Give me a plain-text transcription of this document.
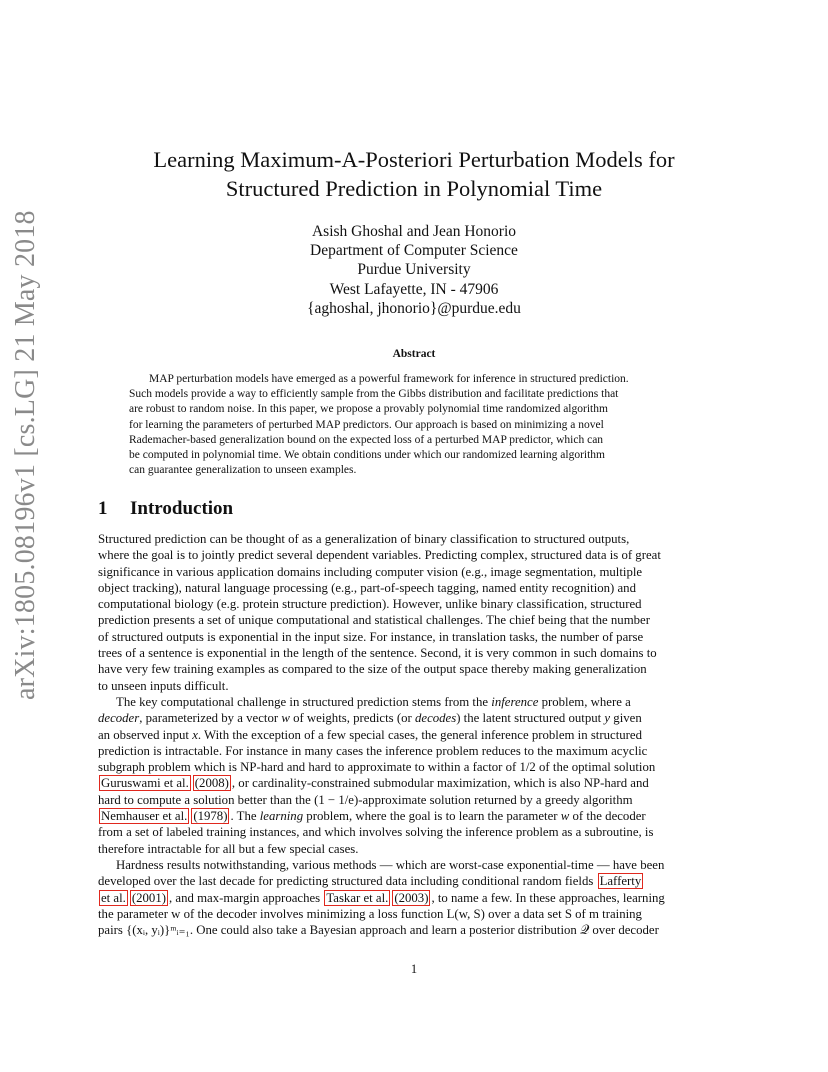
arXiv:1805.08196v1 [cs.LG] 21 May 2018
Learning Maximum-A-Posteriori Perturbation Models for
Structured Prediction in Polynomial Time
Asish Ghoshal and Jean Honorio
Department of Computer Science
Purdue University
West Lafayette, IN - 47906
{aghoshal, jhonorio}@purdue.edu
Abstract
MAP perturbation models have emerged as a powerful framework for inference in structured prediction.
Such models provide a way to efficiently sample from the Gibbs distribution and facilitate predictions that
are robust to random noise. In this paper, we propose a provably polynomial time randomized algorithm
for learning the parameters of perturbed MAP predictors. Our approach is based on minimizing a novel
Rademacher-based generalization bound on the expected loss of a perturbed MAP predictor, which can
be computed in polynomial time. We obtain conditions under which our randomized learning algorithm
can guarantee generalization to unseen examples.
1 Introduction
Structured prediction can be thought of as a generalization of binary classification to structured outputs,
where the goal is to jointly predict several dependent variables. Predicting complex, structured data is of great
significance in various application domains including computer vision (e.g., image segmentation, multiple
object tracking), natural language processing (e.g., part-of-speech tagging, named entity recognition) and
computational biology (e.g. protein structure prediction). However, unlike binary classification, structured
prediction presents a set of unique computational and statistical challenges. The chief being that the number
of structured outputs is exponential in the input size. For instance, in translation tasks, the number of parse
trees of a sentence is exponential in the length of the sentence. Second, it is very common in such domains to
have very few training examples as compared to the size of the output space thereby making generalization
to unseen inputs difficult.
The key computational challenge in structured prediction stems from the inference problem, where a
decoder, parameterized by a vector w of weights, predicts (or decodes) the latent structured output y given
an observed input x. With the exception of a few special cases, the general inference problem in structured
prediction is intractable. For instance in many cases the inference problem reduces to the maximum acyclic
subgraph problem which is NP-hard and hard to approximate to within a factor of 1/2 of the optimal solution
Guruswami et al. (2008) , or cardinality-constrained submodular maximization, which is also NP-hard and
hard to compute a solution better than the (1 − 1/e)-approximate solution returned by a greedy algorithm
Nemhauser et al. (1978) . The learning problem, where the goal is to learn the parameter w of the decoder
from a set of labeled training instances, and which involves solving the inference problem as a subroutine, is
therefore intractable for all but a few special cases.
Hardness results notwithstanding, various methods — which are worst-case exponential-time — have been
developed over the last decade for predicting structured data including conditional random fields Lafferty
et al. (2001) , and max-margin approaches Taskar et al. (2003) , to name a few. In these approaches, learning
the parameter w of the decoder involves minimizing a loss function L(w, S) over a data set S of m training
pairs {(xᵢ, yᵢ)}ᵐᵢ₌₁. One could also take a Bayesian approach and learn a posterior distribution 𝒬 over decoder
1
